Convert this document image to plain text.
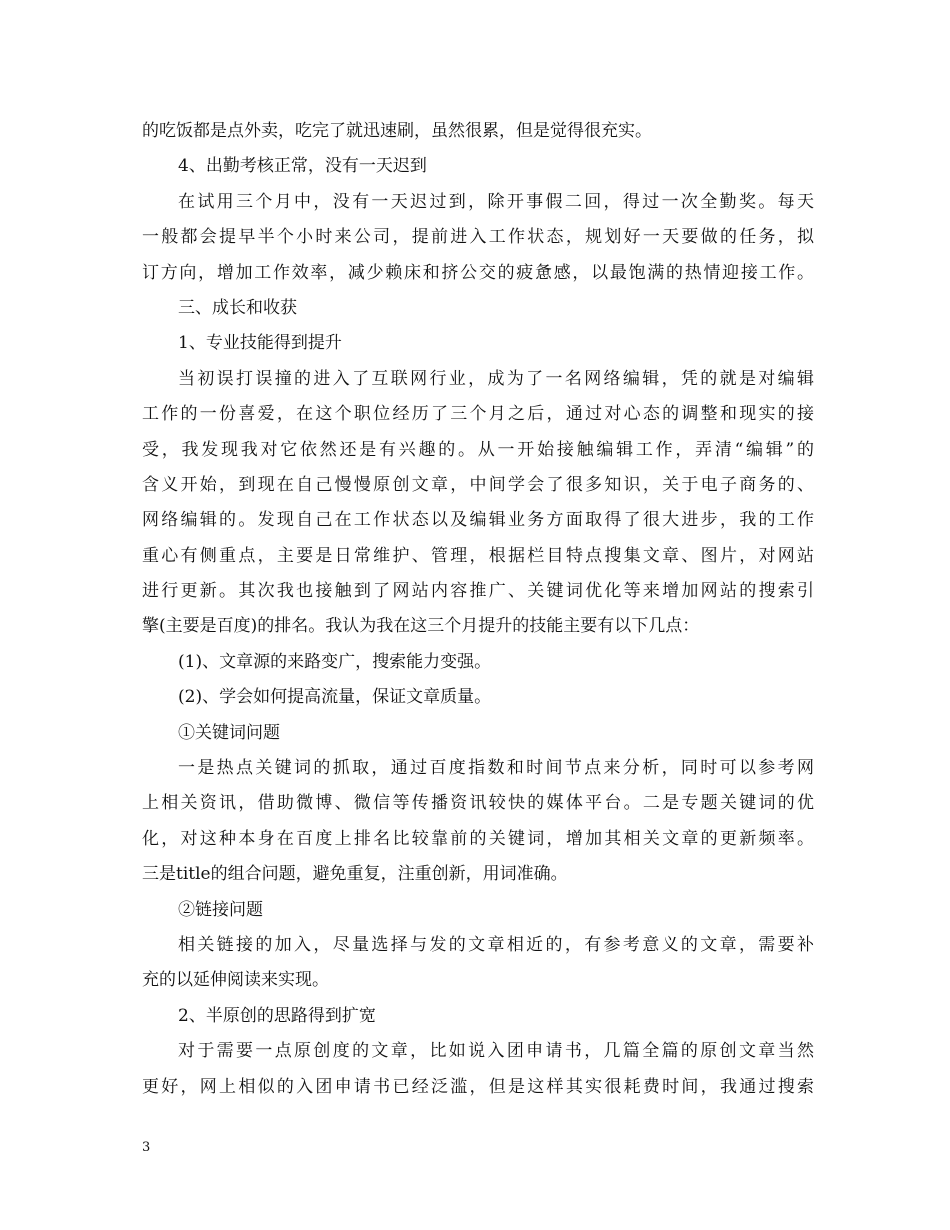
的吃饭都是点外卖，吃完了就迅速刷，虽然很累，但是觉得很充实。
4、出勤考核正常，没有一天迟到
在试用三个月中，没有一天迟过到，除开事假二回，得过一次全勤奖。每天
一般都会提早半个小时来公司，提前进入工作状态，规划好一天要做的任务，拟
订方向，增加工作效率，减少赖床和挤公交的疲惫感，以最饱满的热情迎接工作。
三、成长和收获
1、专业技能得到提升
当初误打误撞的进入了互联网行业，成为了一名网络编辑，凭的就是对编辑
工作的一份喜爱，在这个职位经历了三个月之后，通过对心态的调整和现实的接
受，我发现我对它依然还是有兴趣的。从一开始接触编辑工作，弄清“编辑”的
含义开始，到现在自己慢慢原创文章，中间学会了很多知识，关于电子商务的、
网络编辑的。发现自己在工作状态以及编辑业务方面取得了很大进步，我的工作
重心有侧重点，主要是日常维护、管理，根据栏目特点搜集文章、图片，对网站
进行更新。其次我也接触到了网站内容推广、关键词优化等来增加网站的搜索引
擎(主要是百度)的排名。我认为我在这三个月提升的技能主要有以下几点：
(1)、文章源的来路变广，搜索能力变强。
(2)、学会如何提高流量，保证文章质量。
①关键词问题
一是热点关键词的抓取，通过百度指数和时间节点来分析，同时可以参考网
上相关资讯，借助微博、微信等传播资讯较快的媒体平台。二是专题关键词的优
化，对这种本身在百度上排名比较靠前的关键词，增加其相关文章的更新频率。
三是title的组合问题，避免重复，注重创新，用词准确。
②链接问题
相关链接的加入，尽量选择与发的文章相近的，有参考意义的文章，需要补
充的以延伸阅读来实现。
2、半原创的思路得到扩宽
对于需要一点原创度的文章，比如说入团申请书，几篇全篇的原创文章当然
更好，网上相似的入团申请书已经泛滥，但是这样其实很耗费时间，我通过搜索
3
